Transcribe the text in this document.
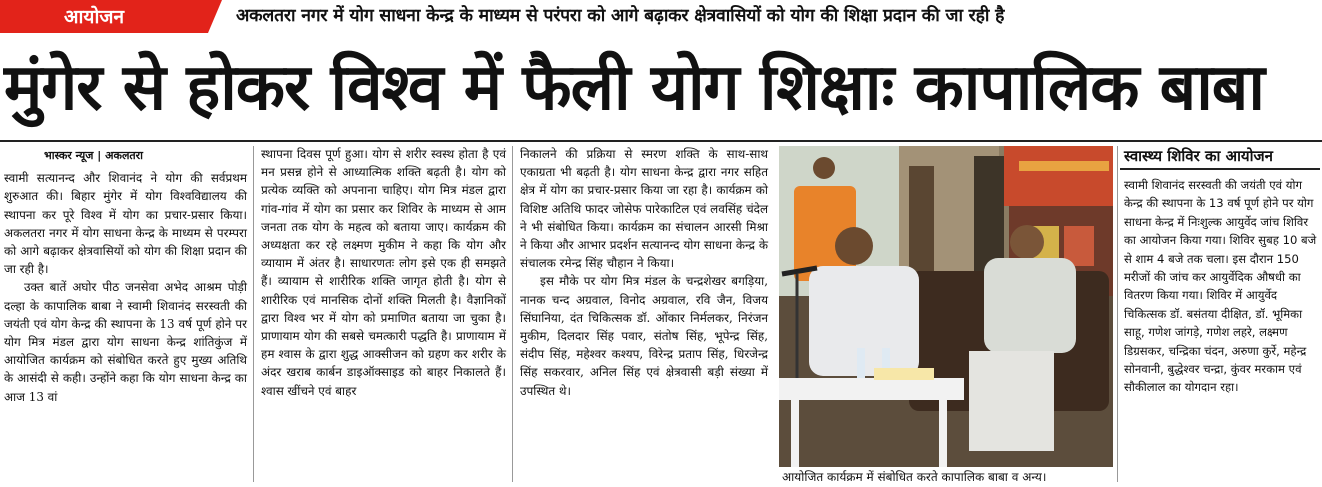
आयोजन	अकलतरा नगर में योग साधना केन्द्र के माध्यम से परंपरा को आगे बढ़ाकर क्षेत्रवासियों को योग की शिक्षा प्रदान की जा रही है
मुंगेर से होकर विश्व में फैली योग शिक्षाः कापालिक बाबा
भास्कर न्यूज | अकलतरा

स्वामी सत्यानन्द और शिवानंद ने योग की सर्वप्रथम शुरुआत की। बिहार मुंगेर में योग विश्वविद्यालय की स्थापना कर पूरे विश्व में योग का प्रचार-प्रसार किया। अकलतरा नगर में योग साधना केन्द्र के माध्यम से परम्परा को आगे बढ़ाकर क्षेत्रवासियों को योग की शिक्षा प्रदान की जा रही है।

उक्त बातें अघोर पीठ जनसेवा अभेद आश्रम पोड़ी दल्हा के कापालिक बाबा ने स्वामी शिवानंद सरस्वती की जयंती एवं योग केन्द्र की स्थापना के 13 वर्ष पूर्ण होने पर योग मित्र मंडल द्वारा योग साधना केन्द्र शांतिकुंज में आयोजित कार्यक्रम को संबोधित करते हुए मुख्य अतिथि के आसंदी से कही। उन्होंने कहा कि योग साधना केन्द्र का आज 13 वां

स्थापना दिवस पूर्ण हुआ। योग से शरीर स्वस्थ होता है एवं मन प्रसन्न होने से आध्यात्मिक शक्ति बढ़ती है। योग को प्रत्येक व्यक्ति को अपनाना चाहिए। योग मित्र मंडल द्वारा गांव-गांव में योग का प्रसार कर शिविर के माध्यम से आम जनता तक योग के महत्व को बताया जाए। कार्यक्रम की अध्यक्षता कर रहे लक्ष्मण मुकीम ने कहा कि योग और व्यायाम में अंतर है। साधारणतः लोग इसे एक ही समझते हैं। व्यायाम से शारीरिक शक्ति जागृत होती है। योग से शारीरिक एवं मानसिक दोनों शक्ति मिलती है। वैज्ञानिकों द्वारा विश्व भर में योग को प्रमाणित बताया जा चुका है। प्राणायाम योग की सबसे चमत्कारी पद्धति है। प्राणायाम में हम श्वास के द्वारा शुद्ध आक्सीजन को ग्रहण कर शरीर के अंदर खराब कार्बन डाइऑक्साइड को बाहर निकालते हैं। श्वास खींचने एवं बाहर

निकालने की प्रक्रिया से स्मरण शक्ति के साथ-साथ एकाग्रता भी बढ़ती है। योग साधना केन्द्र द्वारा नगर सहित क्षेत्र में योग का प्रचार-प्रसार किया जा रहा है। कार्यक्रम को विशिष्ट अतिथि फादर जोसेफ पारेकाटिल एवं लवसिंह चंदेल ने भी संबोधित किया। कार्यक्रम का संचालन आरसी मिश्रा ने किया और आभार प्रदर्शन सत्यानन्द योग साधना केन्द्र के संचालक रमेन्द्र सिंह चौहान ने किया।

इस मौके पर योग मित्र मंडल के चन्द्रशेखर बगड़िया, नानक चन्द अग्रवाल, विनोद अग्रवाल, रवि जैन, विजय सिंघानिया, दंत चिकित्सक डॉ. ओंकार निर्मलकर, निरंजन मुकीम, दिलदार सिंह पवार, संतोष सिंह, भूपेन्द्र सिंह, संदीप सिंह, महेश्वर कश्यप, विरेन्द्र प्रताप सिंह, धिरजेन्द्र सिंह सकरवार, अनिल सिंह एवं क्षेत्रवासी बड़ी संख्या में उपस्थित थे।

आयोजित कार्यक्रम में संबोधित करते कापालिक बाबा व अन्य।
स्वास्थ्य शिविर का आयोजन
स्वामी शिवानंद सरस्वती की जयंती एवं योग केन्द्र की स्थापना के 13 वर्ष पूर्ण होने पर योग साधना केन्द्र में निःशुल्क आयुर्वेद जांच शिविर का आयोजन किया गया। शिविर सुबह 10 बजे से शाम 4 बजे तक चला। इस दौरान 150 मरीजों की जांच कर आयुर्वेदिक औषधी का वितरण किया गया। शिविर में आयुर्वेद चिकित्सक डॉ. बसंतया दीक्षित, डॉ. भूमिका साहू, गणेश जांगड़े, गणेश लहरे, लक्ष्मण डिग्रसकर, चन्द्रिका चंदन, अरुणा कुर्रे, महेन्द्र सोनवानी, बुद्धेश्वर चन्द्रा, कुंवर मरकाम एवं सौकीलाल का योगदान रहा।
